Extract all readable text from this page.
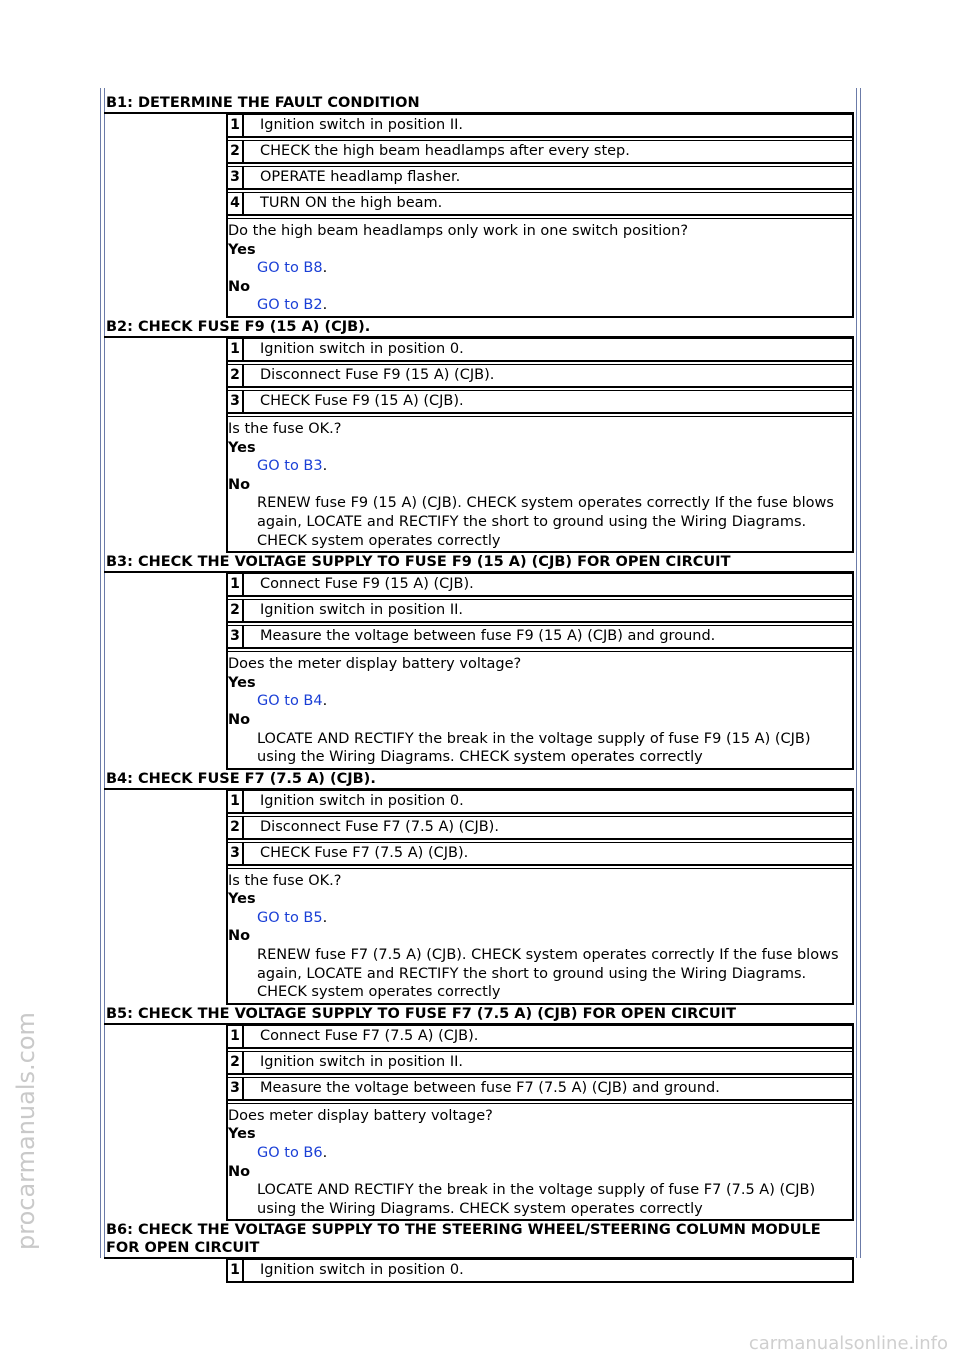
procarmanuals.com
carmanualsonline.info
B1: DETERMINE THE FAULT CONDITION
1	Ignition switch in position II.
2	CHECK the high beam headlamps after every step.
3	OPERATE headlamp flasher.
4	TURN ON the high beam.
Do the high beam headlamps only work in one switch position?
Yes
GO to B8.
No
GO to B2.
B2: CHECK FUSE F9 (15 A) (CJB).
1	Ignition switch in position 0.
2	Disconnect Fuse F9 (15 A) (CJB).
3	CHECK Fuse F9 (15 A) (CJB).
Is the fuse OK.?
Yes
GO to B3.
No
RENEW fuse F9 (15 A) (CJB). CHECK system operates correctly If the fuse blows again, LOCATE and RECTIFY the short to ground using the Wiring Diagrams. CHECK system operates correctly
B3: CHECK THE VOLTAGE SUPPLY TO FUSE F9 (15 A) (CJB) FOR OPEN CIRCUIT
1	Connect Fuse F9 (15 A) (CJB).
2	Ignition switch in position II.
3	Measure the voltage between fuse F9 (15 A) (CJB) and ground.
Does the meter display battery voltage?
Yes
GO to B4.
No
LOCATE AND RECTIFY the break in the voltage supply of fuse F9 (15 A) (CJB) using the Wiring Diagrams. CHECK system operates correctly
B4: CHECK FUSE F7 (7.5 A) (CJB).
1	Ignition switch in position 0.
2	Disconnect Fuse F7 (7.5 A) (CJB).
3	CHECK Fuse F7 (7.5 A) (CJB).
Is the fuse OK.?
Yes
GO to B5.
No
RENEW fuse F7 (7.5 A) (CJB). CHECK system operates correctly If the fuse blows again, LOCATE and RECTIFY the short to ground using the Wiring Diagrams. CHECK system operates correctly
B5: CHECK THE VOLTAGE SUPPLY TO FUSE F7 (7.5 A) (CJB) FOR OPEN CIRCUIT
1	Connect Fuse F7 (7.5 A) (CJB).
2	Ignition switch in position II.
3	Measure the voltage between fuse F7 (7.5 A) (CJB) and ground.
Does meter display battery voltage?
Yes
GO to B6.
No
LOCATE AND RECTIFY the break in the voltage supply of fuse F7 (7.5 A) (CJB) using the Wiring Diagrams. CHECK system operates correctly
B6: CHECK THE VOLTAGE SUPPLY TO THE STEERING WHEEL/STEERING COLUMN MODULE FOR OPEN CIRCUIT
1	Ignition switch in position 0.
